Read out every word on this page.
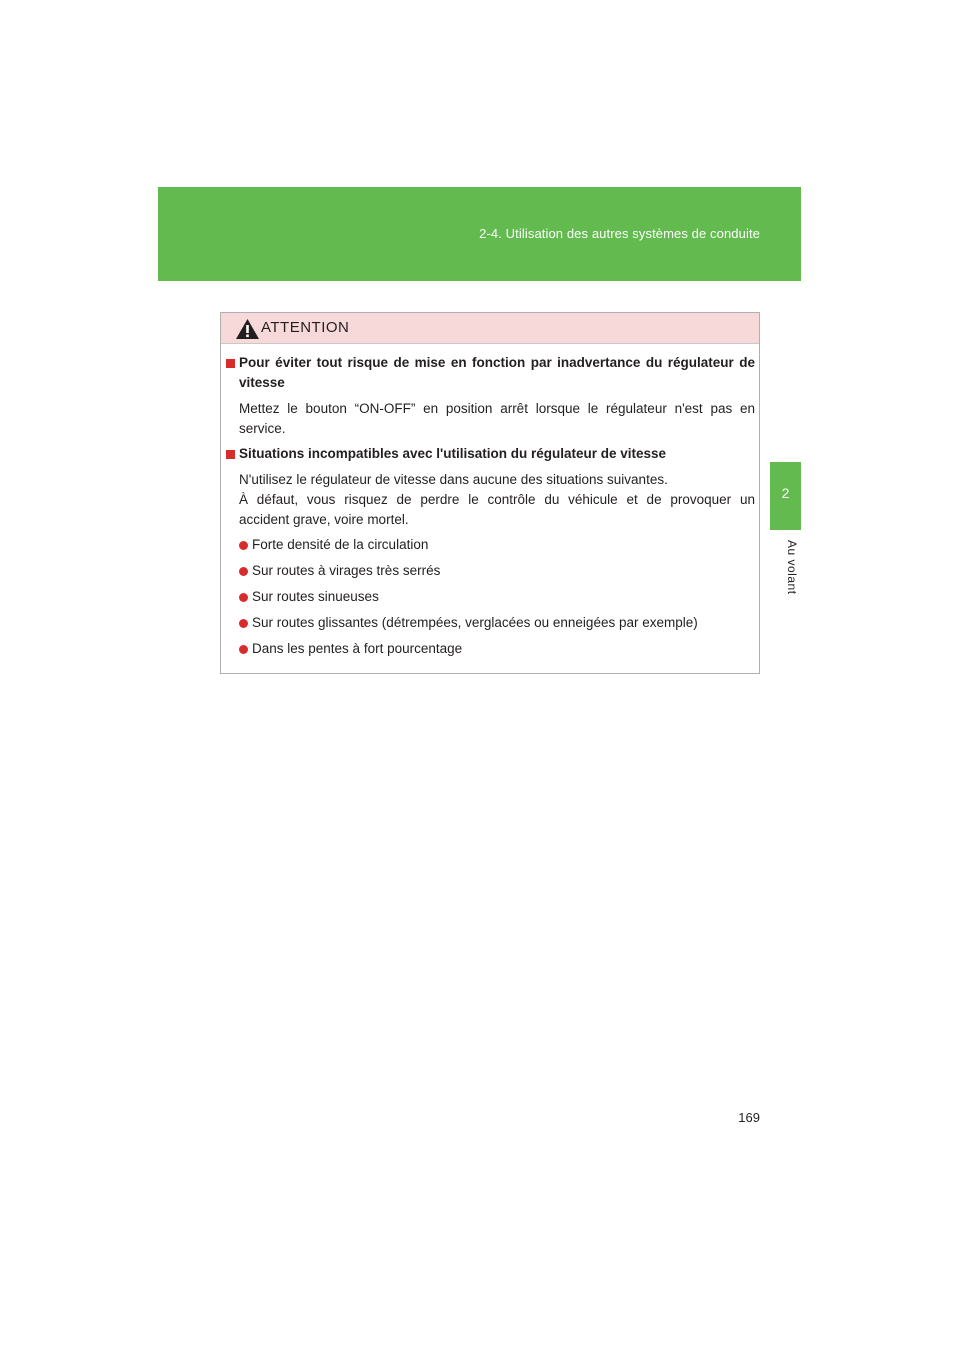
2-4. Utilisation des autres systèmes de conduite
2
Au volant
ATTENTION
Pour éviter tout risque de mise en fonction par inadvertance du régulateur de
vitesse
Mettez le bouton “ON-OFF” en position arrêt lorsque le régulateur n'est pas en
service.
Situations incompatibles avec l'utilisation du régulateur de vitesse
N'utilisez le régulateur de vitesse dans aucune des situations suivantes.
À défaut, vous risquez de perdre le contrôle du véhicule et de provoquer un
accident grave, voire mortel.
Forte densité de la circulation
Sur routes à virages très serrés
Sur routes sinueuses
Sur routes glissantes (détrempées, verglacées ou enneigées par exemple)
Dans les pentes à fort pourcentage
169
